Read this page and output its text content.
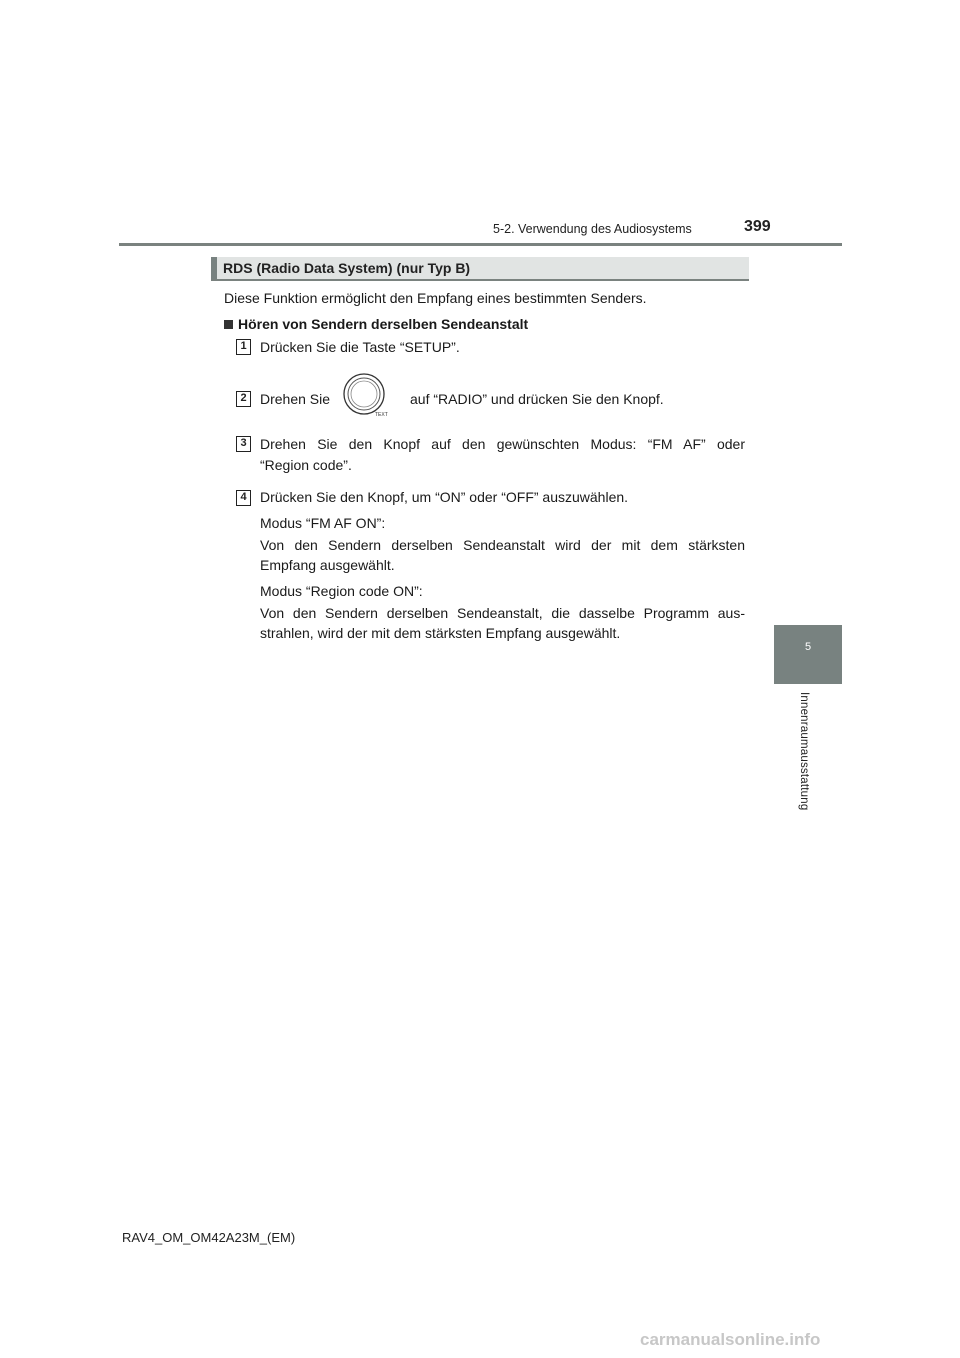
5-2. Verwendung des Audiosystems	399
5
Innenraumausstattung
RDS (Radio Data System) (nur Typ B)
Diese Funktion ermöglicht den Empfang eines bestimmten Senders.
Hören von Sendern derselben Sendeanstalt
1 Drücken Sie die Taste “SETUP”.
2 Drehen Sie
TEXT
auf “RADIO” und drücken Sie den Knopf.
3 Drehen Sie den Knopf auf den gewünschten Modus: “FM AF” oder
“Region code”.
4 Drücken Sie den Knopf, um “ON” oder “OFF” auszuwählen.
Modus “FM AF ON”:
Von den Sendern derselben Sendeanstalt wird der mit dem stärksten
Empfang ausgewählt.
Modus “Region code ON”:
Von den Sendern derselben Sendeanstalt, die dasselbe Programm aus-
strahlen, wird der mit dem stärksten Empfang ausgewählt.
RAV4_OM_OM42A23M_(EM)
carmanualsonline.info
